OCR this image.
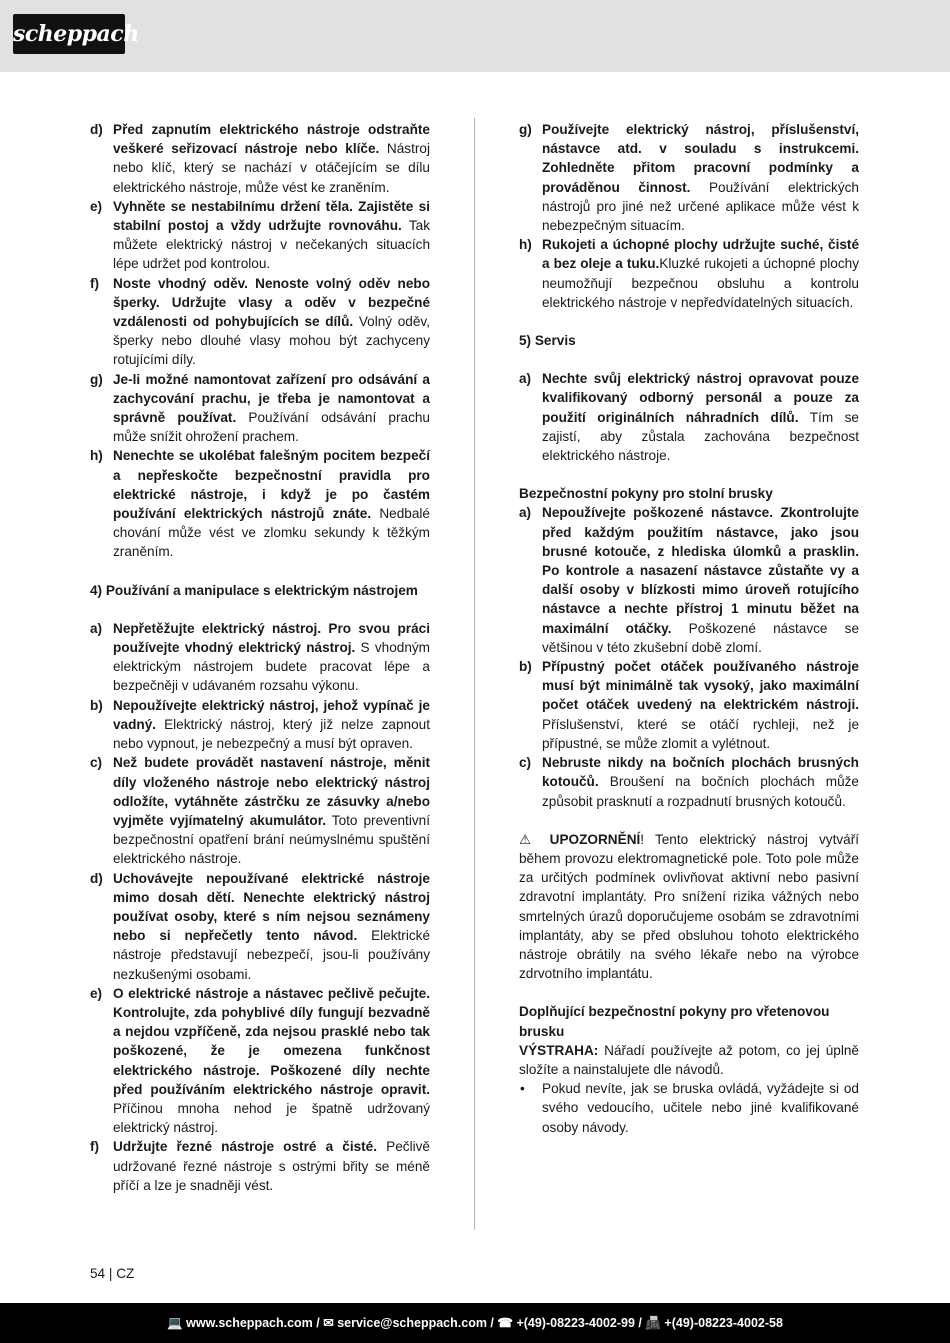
scheppach
d) Před zapnutím elektrického nástroje odstraňte veškeré seřizovací nástroje nebo klíče. Nástroj nebo klíč, který se nachází v otáčejícím se dílu elektrického nástroje, může vést ke zraněním.
e) Vyhněte se nestabilnímu držení těla. Zajistěte si stabilní postoj a vždy udržujte rovnováhu. Tak můžete elektrický nástroj v nečekaných situacích lépe udržet pod kontrolou.
f) Noste vhodný oděv. Nenoste volný oděv nebo šperky. Udržujte vlasy a oděv v bezpečné vzdálenosti od pohybujících se dílů. Volný oděv, šperky nebo dlouhé vlasy mohou být zachyceny rotujícími díly.
g) Je-li možné namontovat zařízení pro odsávání a zachycování prachu, je třeba je namontovat a správně používat. Používání odsávání prachu může snížit ohrožení prachem.
h) Nenechte se ukolébat falešným pocitem bezpečí a nepřeskočte bezpečnostní pravidla pro elektrické nástroje, i když je po častém používání elektrických nástrojů znáte. Nedbalé chování může vést ve zlomku sekundy k těžkým zraněním.
4) Používání a manipulace s elektrickým nástrojem
a) Nepřetěžujte elektrický nástroj. Pro svou práci používejte vhodný elektrický nástroj. S vhodným elektrickým nástrojem budete pracovat lépe a bezpečněji v udávaném rozsahu výkonu.
b) Nepoužívejte elektrický nástroj, jehož vypínač je vadný. Elektrický nástroj, který již nelze zapnout nebo vypnout, je nebezpečný a musí být opraven.
c) Než budete provádět nastavení nástroje, měnit díly vloženého nástroje nebo elektrický nástroj odložíte, vytáhněte zástrčku ze zásuvky a/nebo vyjměte vyjímatelný akumulátor. Toto preventivní bezpečnostní opatření brání neúmyslnému spuštění elektrického nástroje.
d) Uchovávejte nepoužívané elektrické nástroje mimo dosah dětí. Nenechte elektrický nástroj používat osoby, které s ním nejsou seznámeny nebo si nepřečetly tento návod. Elektrické nástroje představují nebezpečí, jsou-li používány nezkušenými osobami.
e) O elektrické nástroje a nástavec pečlivě pečujte. Kontrolujte, zda pohyblivé díly fungují bezvadně a nejdou vzpříčeně, zda nejsou prasklé nebo tak poškozené, že je omezena funkčnost elektrického nástroje. Poškozené díly nechte před používáním elektrického nástroje opravit. Příčinou mnoha nehod je špatně udržovaný elektrický nástroj.
f) Udržujte řezné nástroje ostré a čisté. Pečlivě udržované řezné nástroje s ostrými břity se méně příčí a lze je snadněji vést.
g) Používejte elektrický nástroj, příslušenství, nástavce atd. v souladu s instrukcemi. Zohledněte přitom pracovní podmínky a prováděnou činnost. Používání elektrických nástrojů pro jiné než určené aplikace může vést k nebezpečným situacím.
h) Rukojeti a úchopné plochy udržujte suché, čisté a bez oleje a tuku.Kluzké rukojeti a úchopné plochy neumožňují bezpečnou obsluhu a kontrolu elektrického nástroje v nepředvídatelných situacích.
5) Servis
a) Nechte svůj elektrický nástroj opravovat pouze kvalifikovaný odborný personál a pouze za použití originálních náhradních dílů. Tím se zajistí, aby zůstala zachována bezpečnost elektrického nástroje.
Bezpečnostní pokyny pro stolní brusky
a) Nepoužívejte poškozené nástavce. Zkontrolujte před každým použitím nástavce, jako jsou brusné kotouče, z hlediska úlomků a prasklin. Po kontrole a nasazení nástavce zůstaňte vy a další osoby v blízkosti mimo úroveň rotujícího nástavce a nechte přístroj 1 minutu běžet na maximální otáčky. Poškozené nástavce se většinou v této zkušební době zlomí.
b) Přípustný počet otáček používaného nástroje musí být minimálně tak vysoký, jako maximální počet otáček uvedený na elektrickém nástroji. Příslušenství, které se otáčí rychleji, než je přípustné, se může zlomit a vylétnout.
c) Nebruste nikdy na bočních plochách brusných kotoučů. Broušení na bočních plochách může způsobit prasknutí a rozpadnutí brusných kotoučů.
⚠ UPOZORNĚNÍ! Tento elektrický nástroj vytváří během provozu elektromagnetické pole. Toto pole může za určitých podmínek ovlivňovat aktivní nebo pasivní zdravotní implantáty. Pro snížení rizika vážných nebo smrtelných úrazů doporučujeme osobám se zdravotními implantáty, aby se před obsluhou tohoto elektrického nástroje obrátily na svého lékaře nebo na výrobce zdrvotního implantátu.
Doplňující bezpečnostní pokyny pro vřetenovou brusku
VÝSTRAHA: Nářadí používejte až potom, co jej úplně složíte a nainstalujete dle návodů.
• Pokud nevíte, jak se bruska ovládá, vyžádejte si od svého vedoucího, učitele nebo jiné kvalifikované osoby návody.
54 | CZ
💻 www.scheppach.com / ✉ service@scheppach.com / ☎ +(49)-08223-4002-99 / 📠 +(49)-08223-4002-58
